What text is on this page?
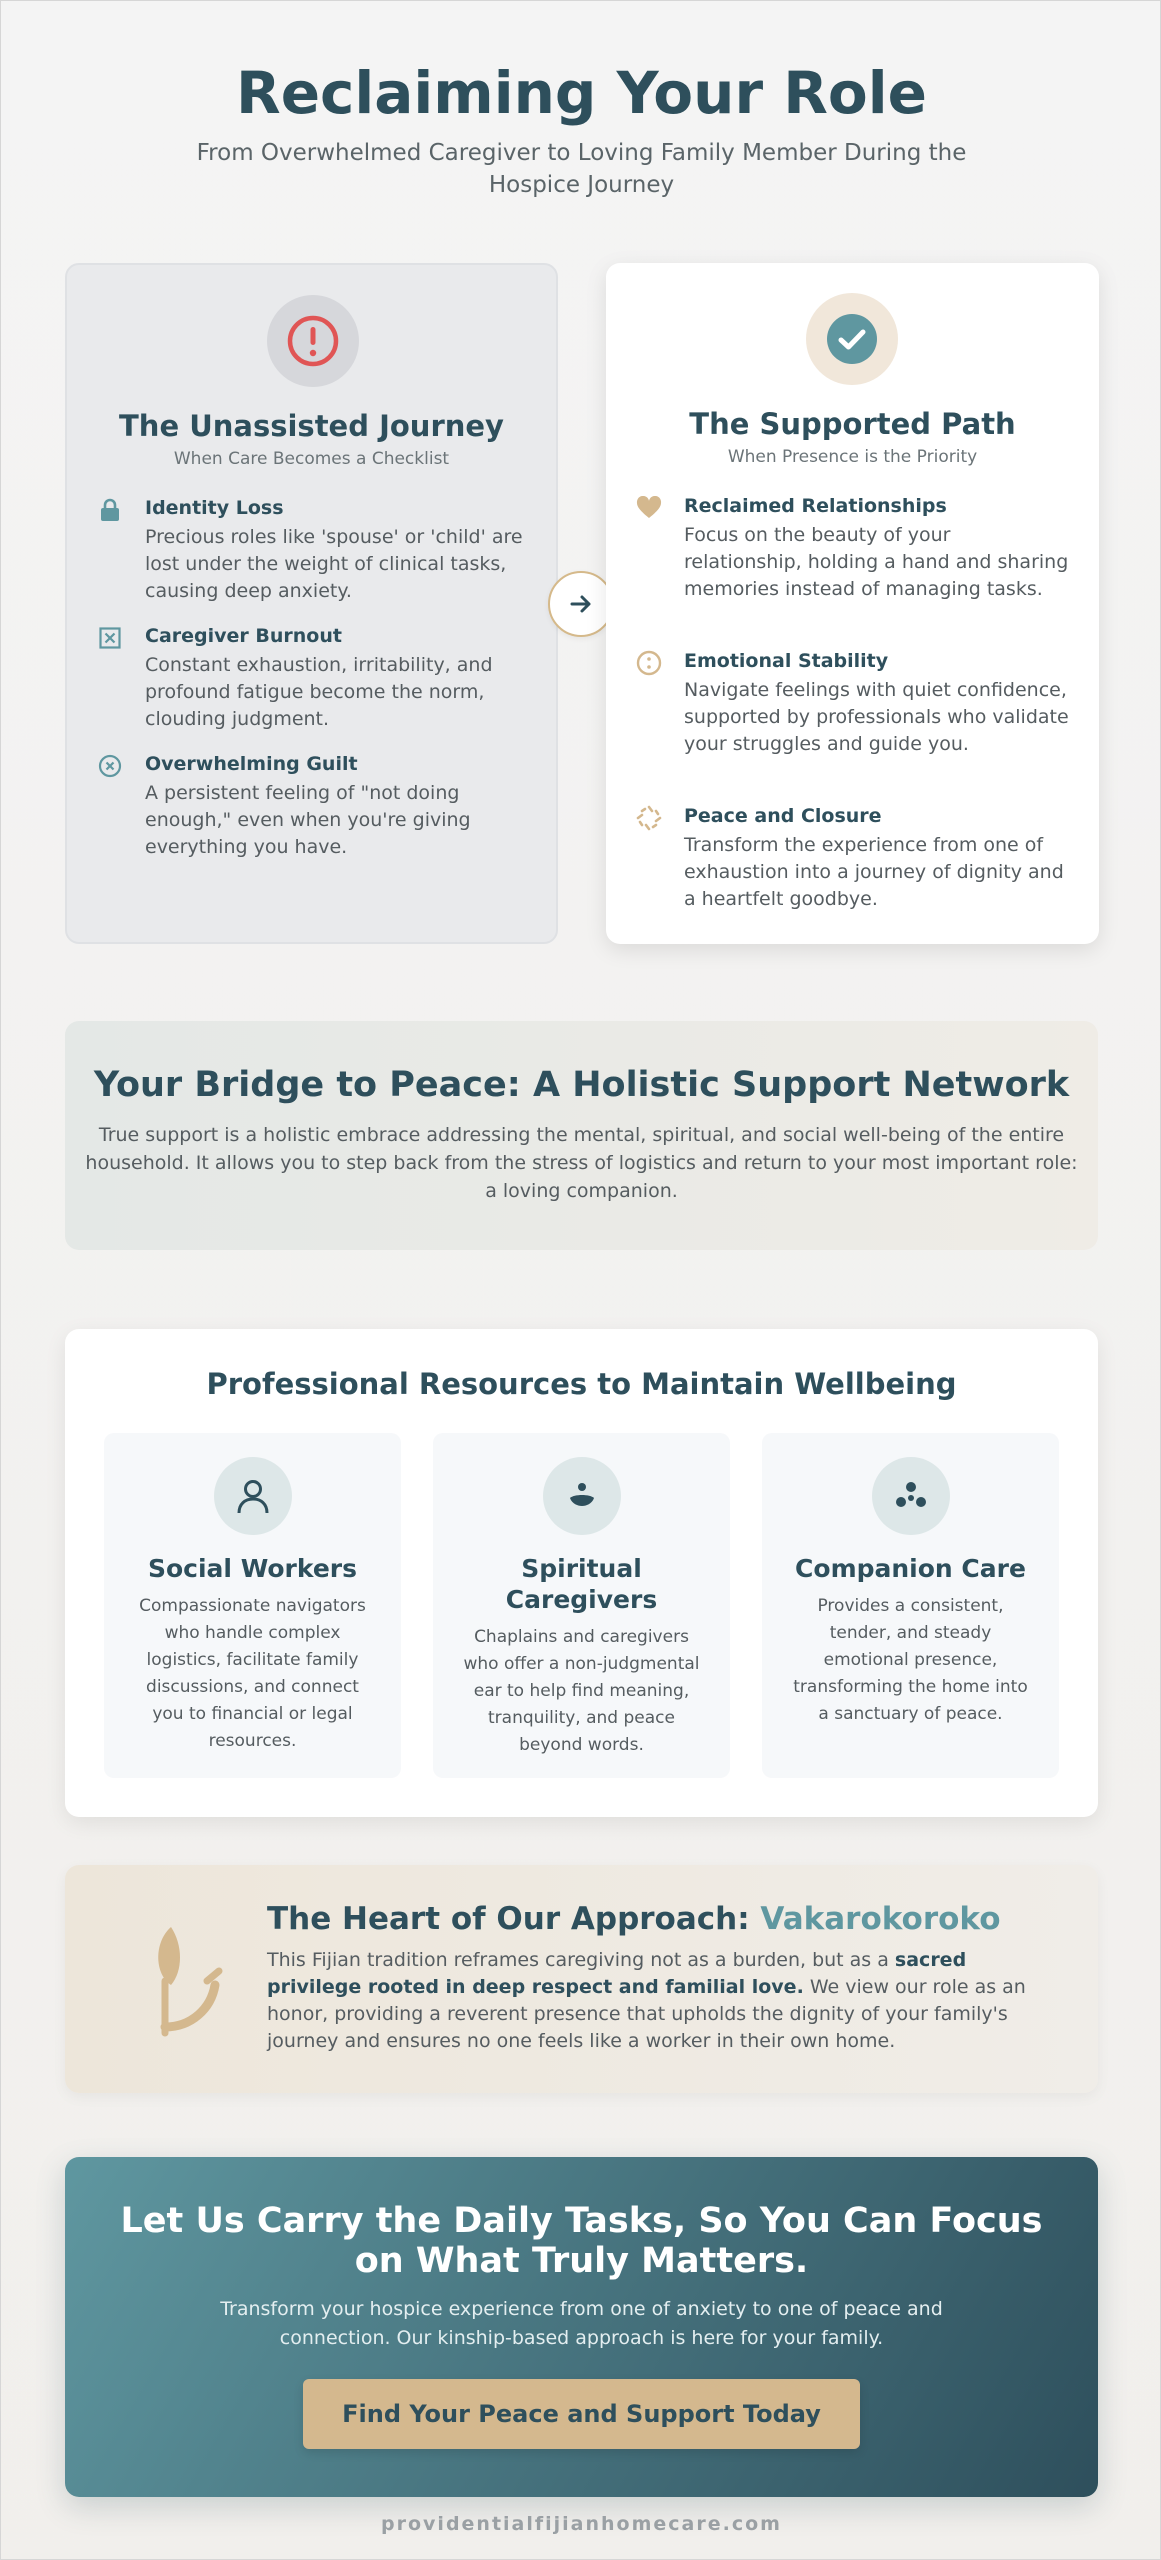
Reclaiming Your Role

From Overwhelmed Caregiver to Loving Family Member During the Hospice Journey

The Unassisted Journey

When Care Becomes a Checklist

Identity Loss

Precious roles like 'spouse' or 'child' are lost under the weight of clinical tasks, causing deep anxiety.

Caregiver Burnout

Constant exhaustion, irritability, and profound fatigue become the norm, clouding judgment.

Overwhelming Guilt

A persistent feeling of "not doing enough," even when you're giving everything you have.

The Supported Path

When Presence is the Priority

Reclaimed Relationships

Focus on the beauty of your relationship, holding a hand and sharing memories instead of managing tasks.

Emotional Stability

Navigate feelings with quiet confidence, supported by professionals who validate your struggles and guide you.

Peace and Closure

Transform the experience from one of exhaustion into a journey of dignity and a heartfelt goodbye.

Your Bridge to Peace: A Holistic Support Network

True support is a holistic embrace addressing the mental, spiritual, and social well-being of the entire household. It allows you to step back from the stress of logistics and return to your most important role: a loving companion.

Professional Resources to Maintain Wellbeing
Social Workers

Compassionate navigators who handle complex logistics, facilitate family discussions, and connect you to financial or legal resources.

Spiritual Caregivers

Chaplains and caregivers who offer a non-judgmental ear to help find meaning, tranquility, and peace beyond words.

Companion Care

Provides a consistent, tender, and steady emotional presence, transforming the home into a sanctuary of peace.

The Heart of Our Approach: Vakarokoroko

This Fijian tradition reframes caregiving not as a burden, but as a sacred privilege rooted in deep respect and familial love. We view our role as an honor, providing a reverent presence that upholds the dignity of your family's journey and ensures no one feels like a worker in their own home.

Let Us Carry the Daily Tasks, So You Can Focus on What Truly Matters.

Transform your hospice experience from one of anxiety to one of peace and connection. Our kinship-based approach is here for your family.

Find Your Peace and Support Today
providentialfijianhomecare.com
